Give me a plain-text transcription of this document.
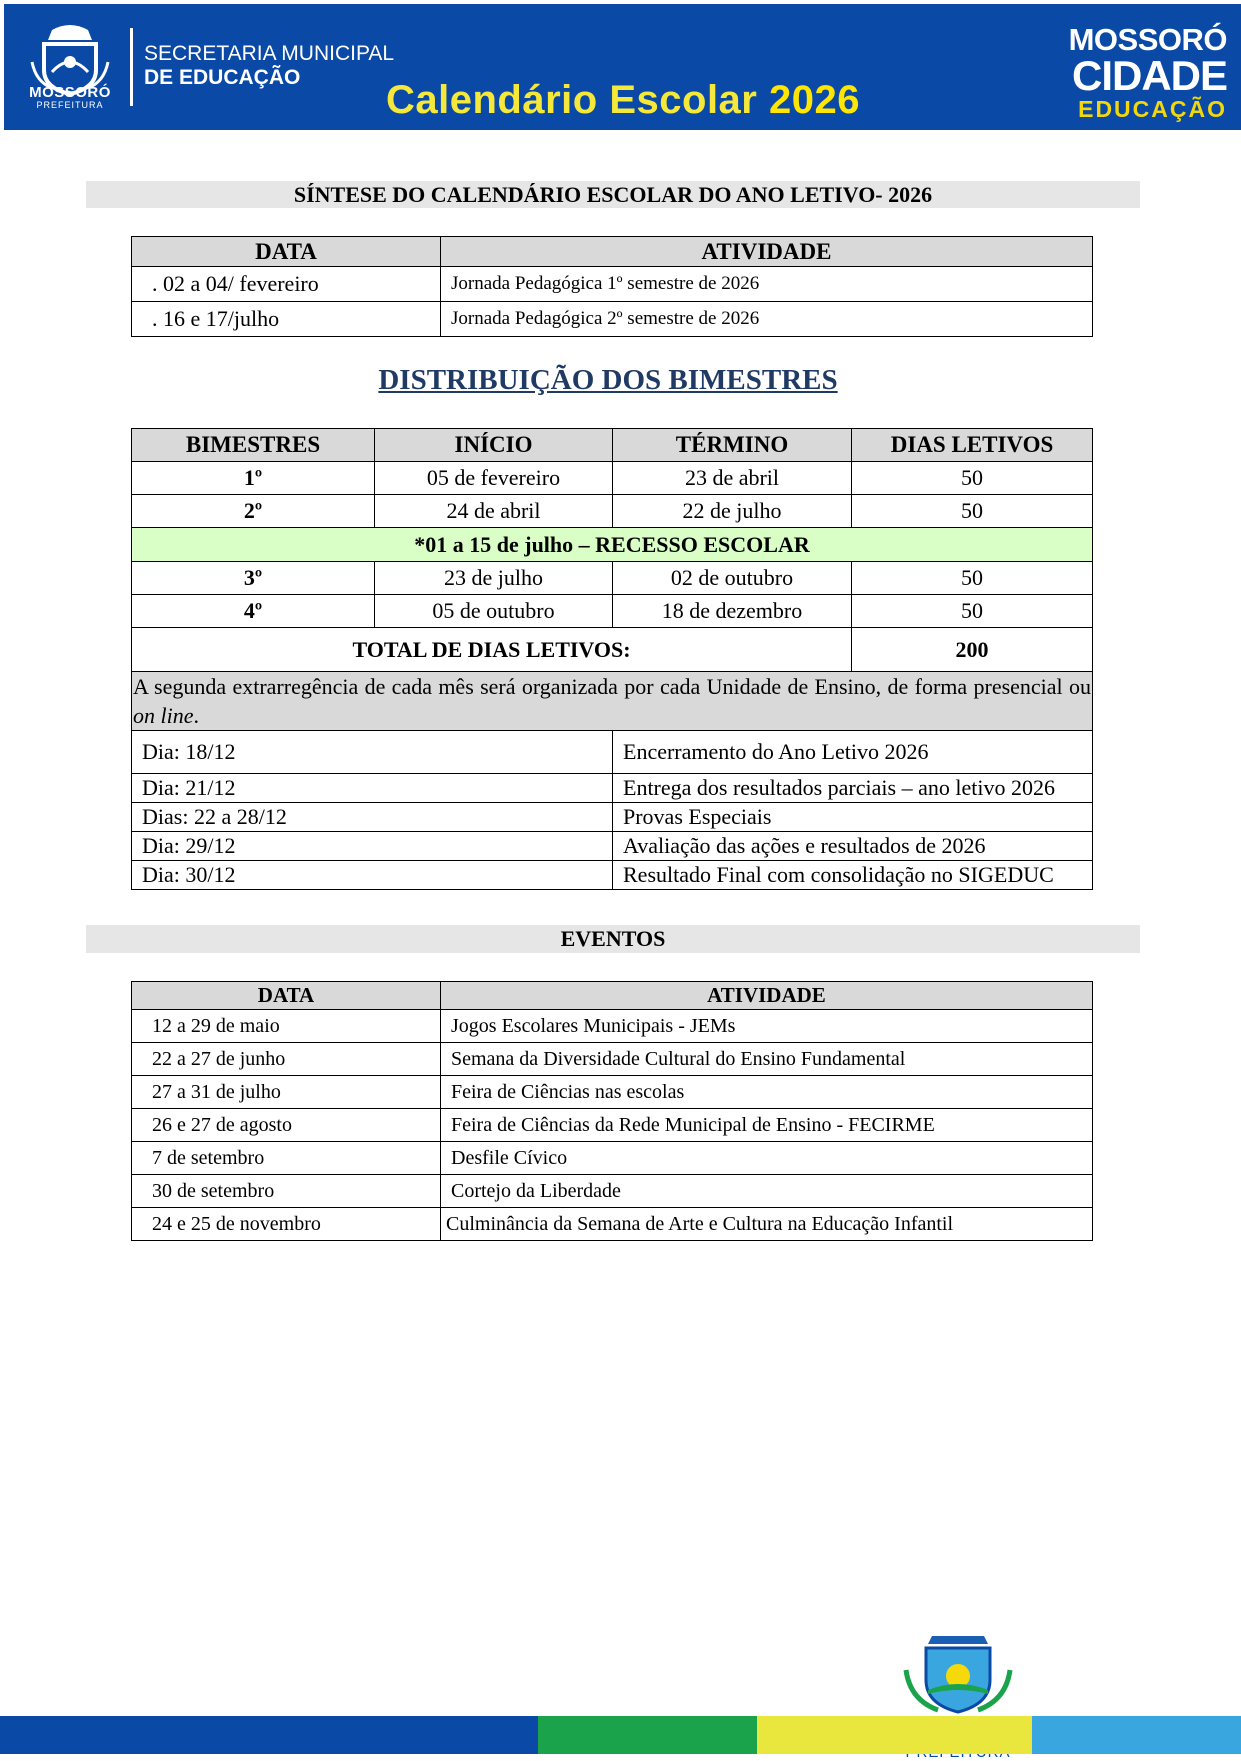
MOSSORÓ
PREFEITURA
SECRETARIA MUNICIPAL
DE EDUCAÇÃO
Calendário Escolar 2026
MOSSORÓ
CIDADE
EDUCAÇÃO
SÍNTESE DO CALENDÁRIO ESCOLAR DO ANO LETIVO- 2026
DATA	ATIVIDADE
. 02 a 04/ fevereiro	Jornada Pedagógica 1º semestre de 2026
. 16 e 17/julho	Jornada Pedagógica 2º semestre de 2026
DISTRIBUIÇÃO DOS BIMESTRES
BIMESTRES	INÍCIO	TÉRMINO	DIAS LETIVOS
1º	05 de fevereiro	23 de abril	50
2º	24 de abril	22 de julho	50
*01 a 15 de julho – RECESSO ESCOLAR			
3º	23 de julho	02 de outubro	50
4º	05 de outubro	18 de dezembro	50
TOTAL DE DIAS LETIVOS:			200
A segunda extrarregência de cada mês será organizada por cada Unidade de Ensino, de forma presencial ou on line.			
Dia: 18/12		Encerramento do Ano Letivo 2026	
Dia: 21/12		Entrega dos resultados parciais – ano letivo 2026	
Dias: 22 a 28/12		Provas Especiais	
Dia: 29/12		Avaliação das ações e resultados de 2026	
Dia: 30/12		Resultado Final com consolidação no SIGEDUC	
EVENTOS
DATA	ATIVIDADE
12 a 29 de maio	Jogos Escolares Municipais - JEMs
22 a 27 de junho	Semana da Diversidade Cultural do Ensino Fundamental
27 a 31 de julho	Feira de Ciências nas escolas
26 e 27 de agosto	Feira de Ciências da Rede Municipal de Ensino - FECIRME
7 de setembro	Desfile Cívico
30 de setembro	Cortejo da Liberdade
24 e 25 de novembro	Culminância da Semana de Arte e Cultura na Educação Infantil
